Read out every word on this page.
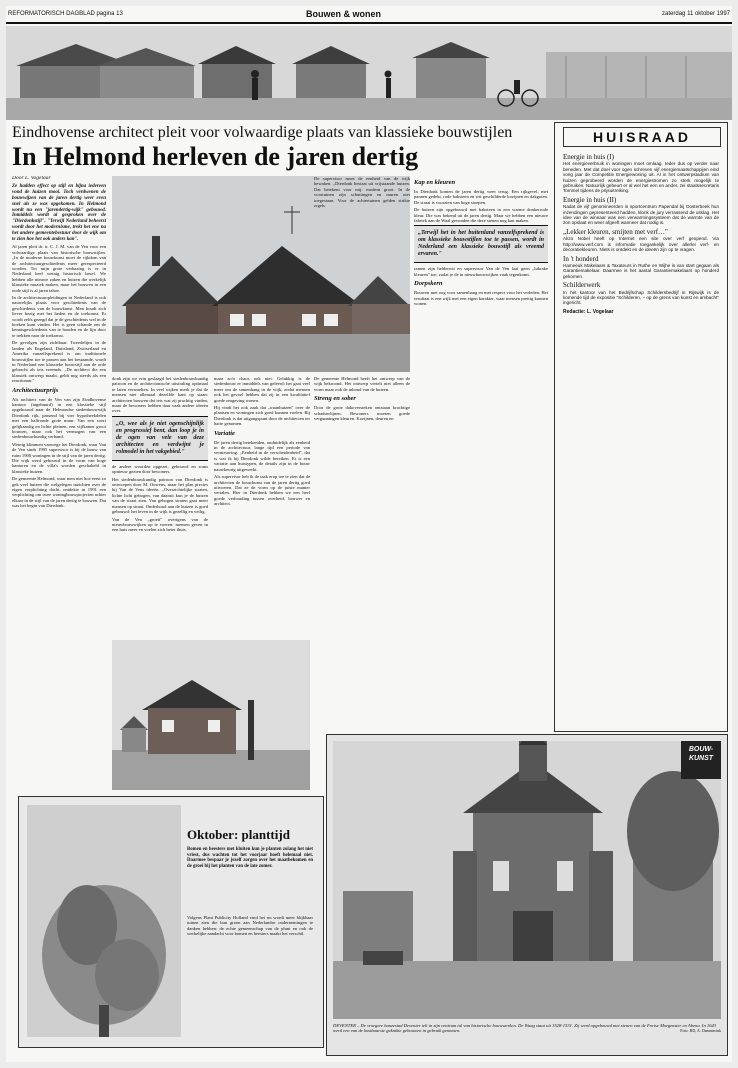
REFORMATORISCH DAGBLAD pagina 13	Bouwen & wonen	zaterdag 11 oktober 1997
Eindhovense architect pleit voor volwaardige plaats van klassieke bouwstijlen
In Helmond herleven de jaren dertig

Door L. Vogelaar

Ze hadden effect op stijl en bijna iedereen vond de huizen mooi. Toch verdwenen de bouwwijzen van de jaren dertig weer even snel als ze was opgekomen. In Helmond wordt nu een "jarendertig-wijk" gebouwd. Inmiddels wordt al gesproken over de "Dierdonkstijl". "Terwijl Nederland beheerst wordt door het modernisme, trekt het ene na het andere gemeentebestuur door de wijk om te zien hoe het ook anders kan".

Al jaren pleit dr. ir. C. J. M. van de Ven voor een volwaardige plaats van historische bouwstijlen. „In de moderne bouwkunst moet de rijkdom van de architectuurgeschiedenis meer gerespecteerd worden. Tot mijn grote verbazing is er in Nederland heel weinig historisch besef. We hebben alle nieuwe zaken en huizen die werkelijk klassieke muziek maken, maar het bouwen in een oude stijl is al jaren taboe.

In de architectuuropleidingen in Nederland is ook nauwelijks plaats voor geschiedenis van de geschiedenis van de bouwkunst. Men houdt zich liever bezig met het heden en de toekomst. Er wordt zelfs gezegd dat je de geschiedenis wel in de boeken kunt vinden. Het is geen schande om de kennisgeschiedenis van te houden en de lijn door te trekken naar de toekomst.

De gevolgen zijn zichtbaar. Tweedelijns in de landen als Engeland, Duitsland, Zwitserland en Amerika vanzelfsprekend is om traditionele bouwstijlen toe te passen aan het bestaande, wordt in Nederland een klassieke bouwstijl aan de orde gebracht als iets vreemds. „De architect die een klassiek ontwerp maakt, geldt nog steeds als een reactionair."

Architectuurprijs

Als architect van de Ven van zijn Eindhovense kantoor (ingehuurd) in een klassieke stijl opgebouwd naar de Helmondse stedenbouwwijk Dierdonk rijk, passend bij vier hypotheekdelen met een halfronde grote muur. Van een soort gelijkaardig en lichte pleinen, een vijfkamer groot bouwen, maar ook het vermogen van een stedenbouwkundig verband.

Weinig klimmen vanwege het Dierdonk, waar Van de Ven sinds 1995 supervisor is bij de bouw van ruim 1900 woningen in de stijl van de jaren dertig. Die wijk werd gebouwd in de vorm van hoge kantoren en de villa's worden geschakeld in klassieke huizen.

De gemeente Helmond, waar men niet hoe eerst zo gek veel huizen die welgelegen inzichten over de eigen verplichting dacht, ontdekte in 1991 een verplichting om twee woningbouwprojecten achter elkaar in de stijl van de jaren dertig te bouwen. Dat was het begin van Dierdonk.

donk zijn we erin geslaagd het stedenbouwkundig patroon en de architectonische uitstraling optimaal te laten versmelten. In veel wijken merk je dat de mensen niet allemaal dezelfde kant op staan: architecten bouwen dat iets wat zij prachtig vinden, maar de bewoners hebben daar vaak andere ideeën over.

„O, wee als je niet ogenschijnlijk en progressief bent, dan loop je in de ogen van vele van deze architecten en verdwijnt je rolmodel in het vakgebied."

de andere woorden opgezet, gebouwd en soms opnieuw gezien door bewoners.

Het stedenbouwkundig patroon van Dierdonk is ontworpen door M. Ouwens, maar het plan precies bij Van de Vens ideeën. „Overzichtelijke straten, lichte licht gebogen, van daaruit kun je de huizen van de straat zien. Van gebogen straten gaat meer mensen op straat. Onderhoud aan de huizen is goed gebouwd: het leven in de wijk is gezellig en veilig.

Van de Ven „groeit" overigens van de nieuwbouwwijken op te voeren: mensen geven in een huis meer en voelen zich beter thuis.

maar zo'n chaos ook niet. Gelukkig is de stedenbouw er inmiddels van geleerd: het gaat veel meer om de samenhang in de wijk, zodat mensen ook het gevoel hebben dat zij in een kwalitatief goede omgeving wonen.

Hij vindt het ook zaak dat „traanhuizen" over de plaatsen en woningen zich goed kunnen voelen. Bij Dierdonk is dat uitgangspunt door de architecten ter harte genomen.

Variatie

De jaren dertig betekenden, onduidelijk als eenheid in de architectuur, lange tijd een periode van vernieuwing. „Eenheid in de verscheidenheid", dat is wat ik bij Dierdonk wilde bereiken. Er is een variatie aan huistypen, de details zijn in de bouw nauwkeurig uitgewerkt.

Als supervisor heb ik de taak erop toe te zien dat de architecten de bouwkunst van de jaren dertig goed uitvoeren. Dat ze de vorm op de juiste manier vertalen. Hier in Dierdonk hebben we een heel goede verhouding tussen overheid, bouwer en architect.

De supervisor moet de eenheid van de wijk bewaken. „Dierdonk bestaat uit vrijstaande huizen. Dat betekent voor mij: modern groot. In de voortuinen zijn schuttingen en muren niet toegestaan. Voor de achtertuinen gelden strikte regels.

De gemeente Helmond heeft het ontwerp van de wijk bekroond. Het ontwerp vertelt niet alleen de vorm maar ook de inhoud van de huizen.

Streng en sober

Door de grote dakoversteken ontstaan krachtige schaduwlijnen. Bewoners moeten goede vergunningen kleuren. Kozijnen, deuren en

Kap en kleuren

In Dierdonk komen de jaren dertig weer terug. Een rijkgevel, met pannen gedekt, rode baksteen en wit geschilderde kozijnen en dakgoten. De straat is voorzien van hoge stoepen.

De huizen zijn opgebouwd met baksteen in een warme donkerrode kleur. Die was bekend uit de jaren dertig. Maar we hebben een nieuwe fabriek aan de Waal gevonden die deze stenen nog kan maken.

„Terwijl het in het buitenland vanzelfsprekend is om klassieke bouwstijlen toe te passen, wordt in Nederland een klassieke bouwstijl als vreemd ervaren."

ramen zijn helderwit en supervisor Van de Ven laat geen „lukrake kleuren" toe, zodat je de in nieuwbouwwijken vaak tegenkomt.

Dorpskern

Bouwen met oog voor samenhang en met respect voor het verleden. Het resultaat is een wijk met een eigen karakter, waar mensen prettig kunnen wonen.

HUISRAAD
Energie in huis (I)

Het energieverbruik in woningen moet omlaag. Ieder dus op verder naar beneden. Met dat doel voor ogen schreven vijf energiemaatschappijen eind vorig jaar de Competitie Energiewoning uit. Al in het ontwerpstadium van huizen geprobeerd worden de energiestromen zo sterk mogelijk te gebruiken. Natuurlijk gebeurt er al wel het een en ander, zei staatssecretaris Tommel tijdens de prijsuitreiking.

Energie in huis (II)

Nadat de vijf genomineerden in sportcentrum Papendal bij Oosterbeek hun inzendingen gepresenteerd hadden, klonk de jury verrassend de uitslag. Het idee van de winnaar was een verwarmingssysteem dat de warmte van de zon opslaat en weer afgeeft wanneer dat nodig is.

„Lekker kleuren, smijten met verf…"

Akzo Nobel heeft op Internet een site over verf geopend. Via http://www.verf.com is informatie toegankelijk over allerlei verf- en decoratiekleuren. Niets is ontdekt en de ideeën zijn op te vragen.

In 't honderd

Hameeuk Makelaars & Taxateurs in Ruthe en Wijhe is van start gegaan als Garantiemakelaar. Daarmee is het aantal Garantiemakelaars op honderd gekomen.

Schilderwerk

In het kantoor van het Bedrijfschap Schildersbedrijf in Rijswijk is de komende tijd de expositie "Schilderen, – op de grens van kunst en ambacht" ingericht.

Redactie: L. Vogelaar

Oktober: planttijd
Bomen en heesters met kluiten kun je planten zolang het niet vriest, dus wachten tot het voorjaar hoeft helemaal niet. Daarmee bespaar je jezelf zorgen over het maatbekomen en de groei bij het planten van de late zomer.
Volgens Plant Publicity Holland vind het nu wordt meer blijkbaar tuinen zien die hun groen aan Nederlandse ondernemingen te danken hebben: de echte gemeenschap van de plant en ook de werkelijke aandacht voor bomen en heesters maakt het verschil.
BOUW-KUNST
DEVENTER – De vroegere hanzestad Deventer telt in zijn centrum tal van historische bouwwerken. De Waag staat uit 1528-1531. Zij werd opgebouwd met stenen van de Fortse Morgenster en Abena. In 1643 werd een van de kostbaarste geknikte gebouwen in gebruik genomen.	Foto: RD, A. Dammerink
